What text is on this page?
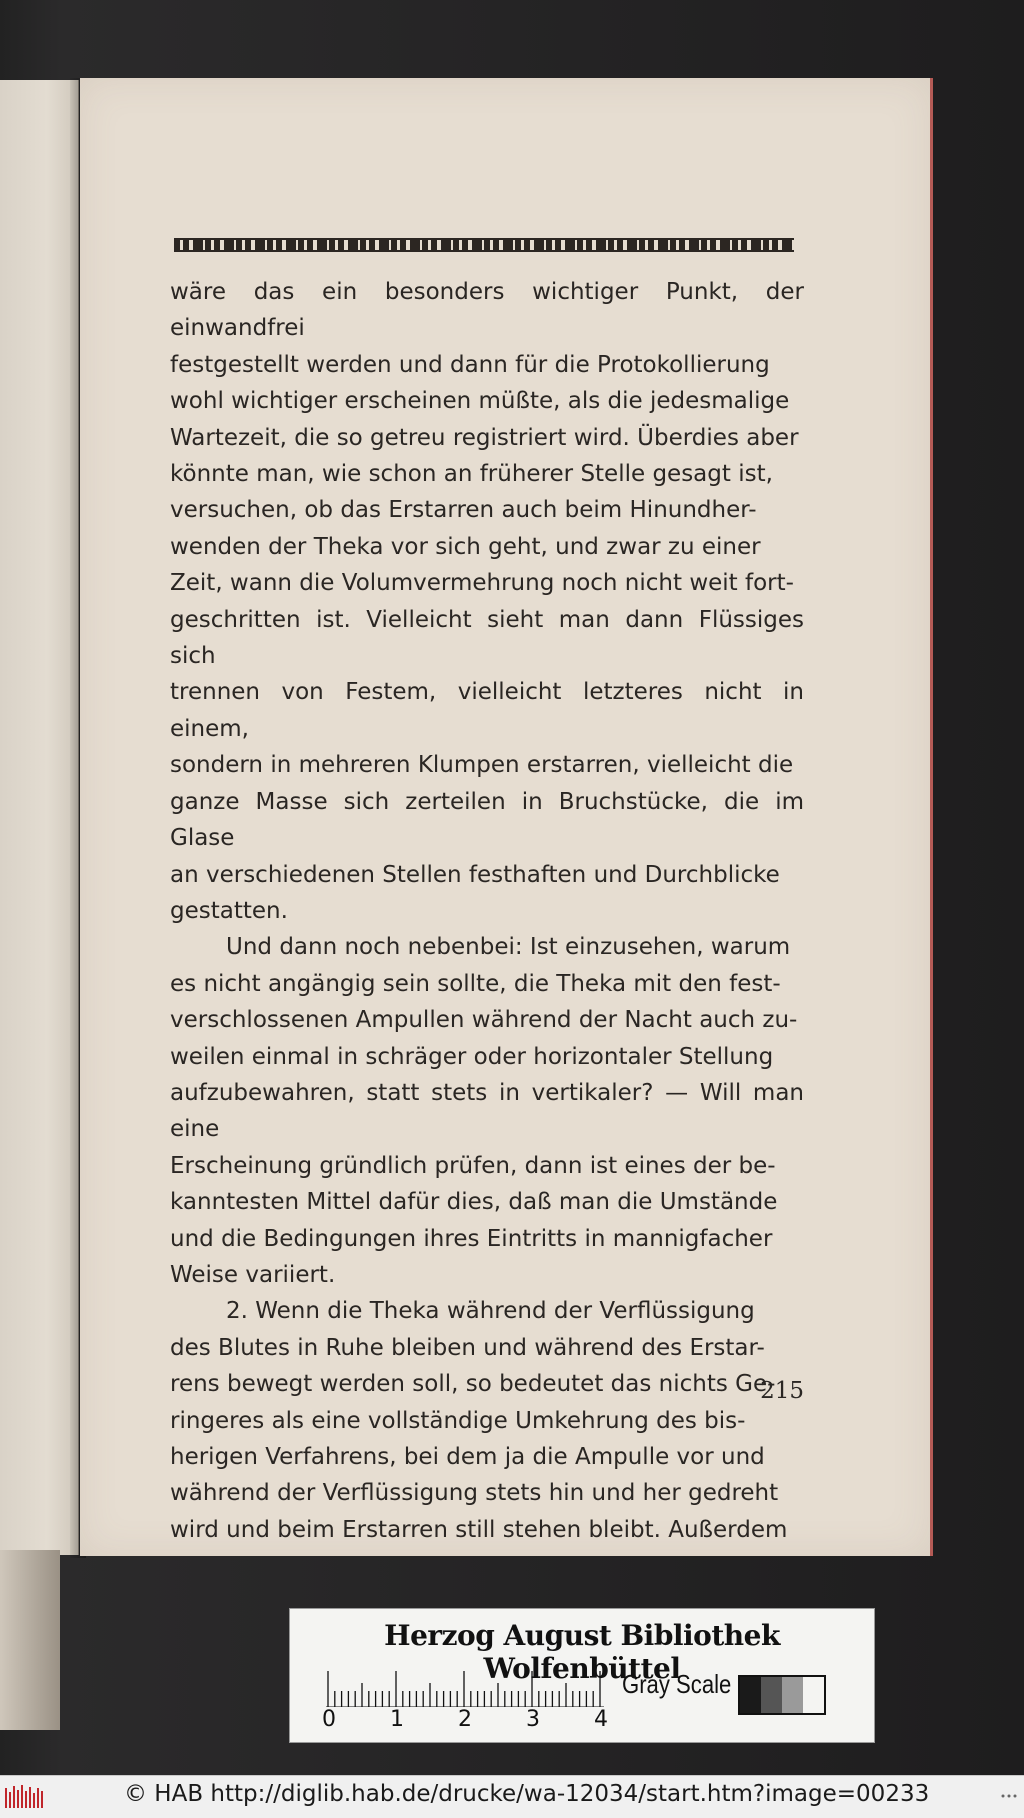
wäre das ein besonders wichtiger Punkt, der einwandfrei

festgestellt werden und dann für die Protokollierung

wohl wichtiger erscheinen müßte, als die jedesmalige

Wartezeit, die so getreu registriert wird. Überdies aber

könnte man, wie schon an früherer Stelle gesagt ist,

versuchen, ob das Erstarren auch beim Hinundher-

wenden der Theka vor sich geht, und zwar zu einer

Zeit, wann die Volumvermehrung noch nicht weit fort-

geschritten ist. Vielleicht sieht man dann Flüssiges sich

trennen von Festem, vielleicht letzteres nicht in einem,

sondern in mehreren Klumpen erstarren, vielleicht die

ganze Masse sich zerteilen in Bruchstücke, die im Glase

an verschiedenen Stellen festhaften und Durchblicke

gestatten.

Und dann noch nebenbei: Ist einzusehen, warum

es nicht angängig sein sollte, die Theka mit den fest-

verschlossenen Ampullen während der Nacht auch zu-

weilen einmal in schräger oder horizontaler Stellung

aufzubewahren, statt stets in vertikaler? — Will man eine

Erscheinung gründlich prüfen, dann ist eines der be-

kanntesten Mittel dafür dies, daß man die Umstände

und die Bedingungen ihres Eintritts in mannigfacher

Weise variiert.

2. Wenn die Theka während der Verflüssigung

des Blutes in Ruhe bleiben und während des Erstar-

rens bewegt werden soll, so bedeutet das nichts Ge-

ringeres als eine vollständige Umkehrung des bis-

herigen Verfahrens, bei dem ja die Ampulle vor und

während der Verflüssigung stets hin und her gedreht

wird und beim Erstarren still stehen bleibt. Außerdem

215
Herzog August Bibliothek Wolfenbüttel
0 1 2 3 4
Gray Scale
© HAB http://diglib.hab.de/drucke/wa-12034/start.htm?image=00233
